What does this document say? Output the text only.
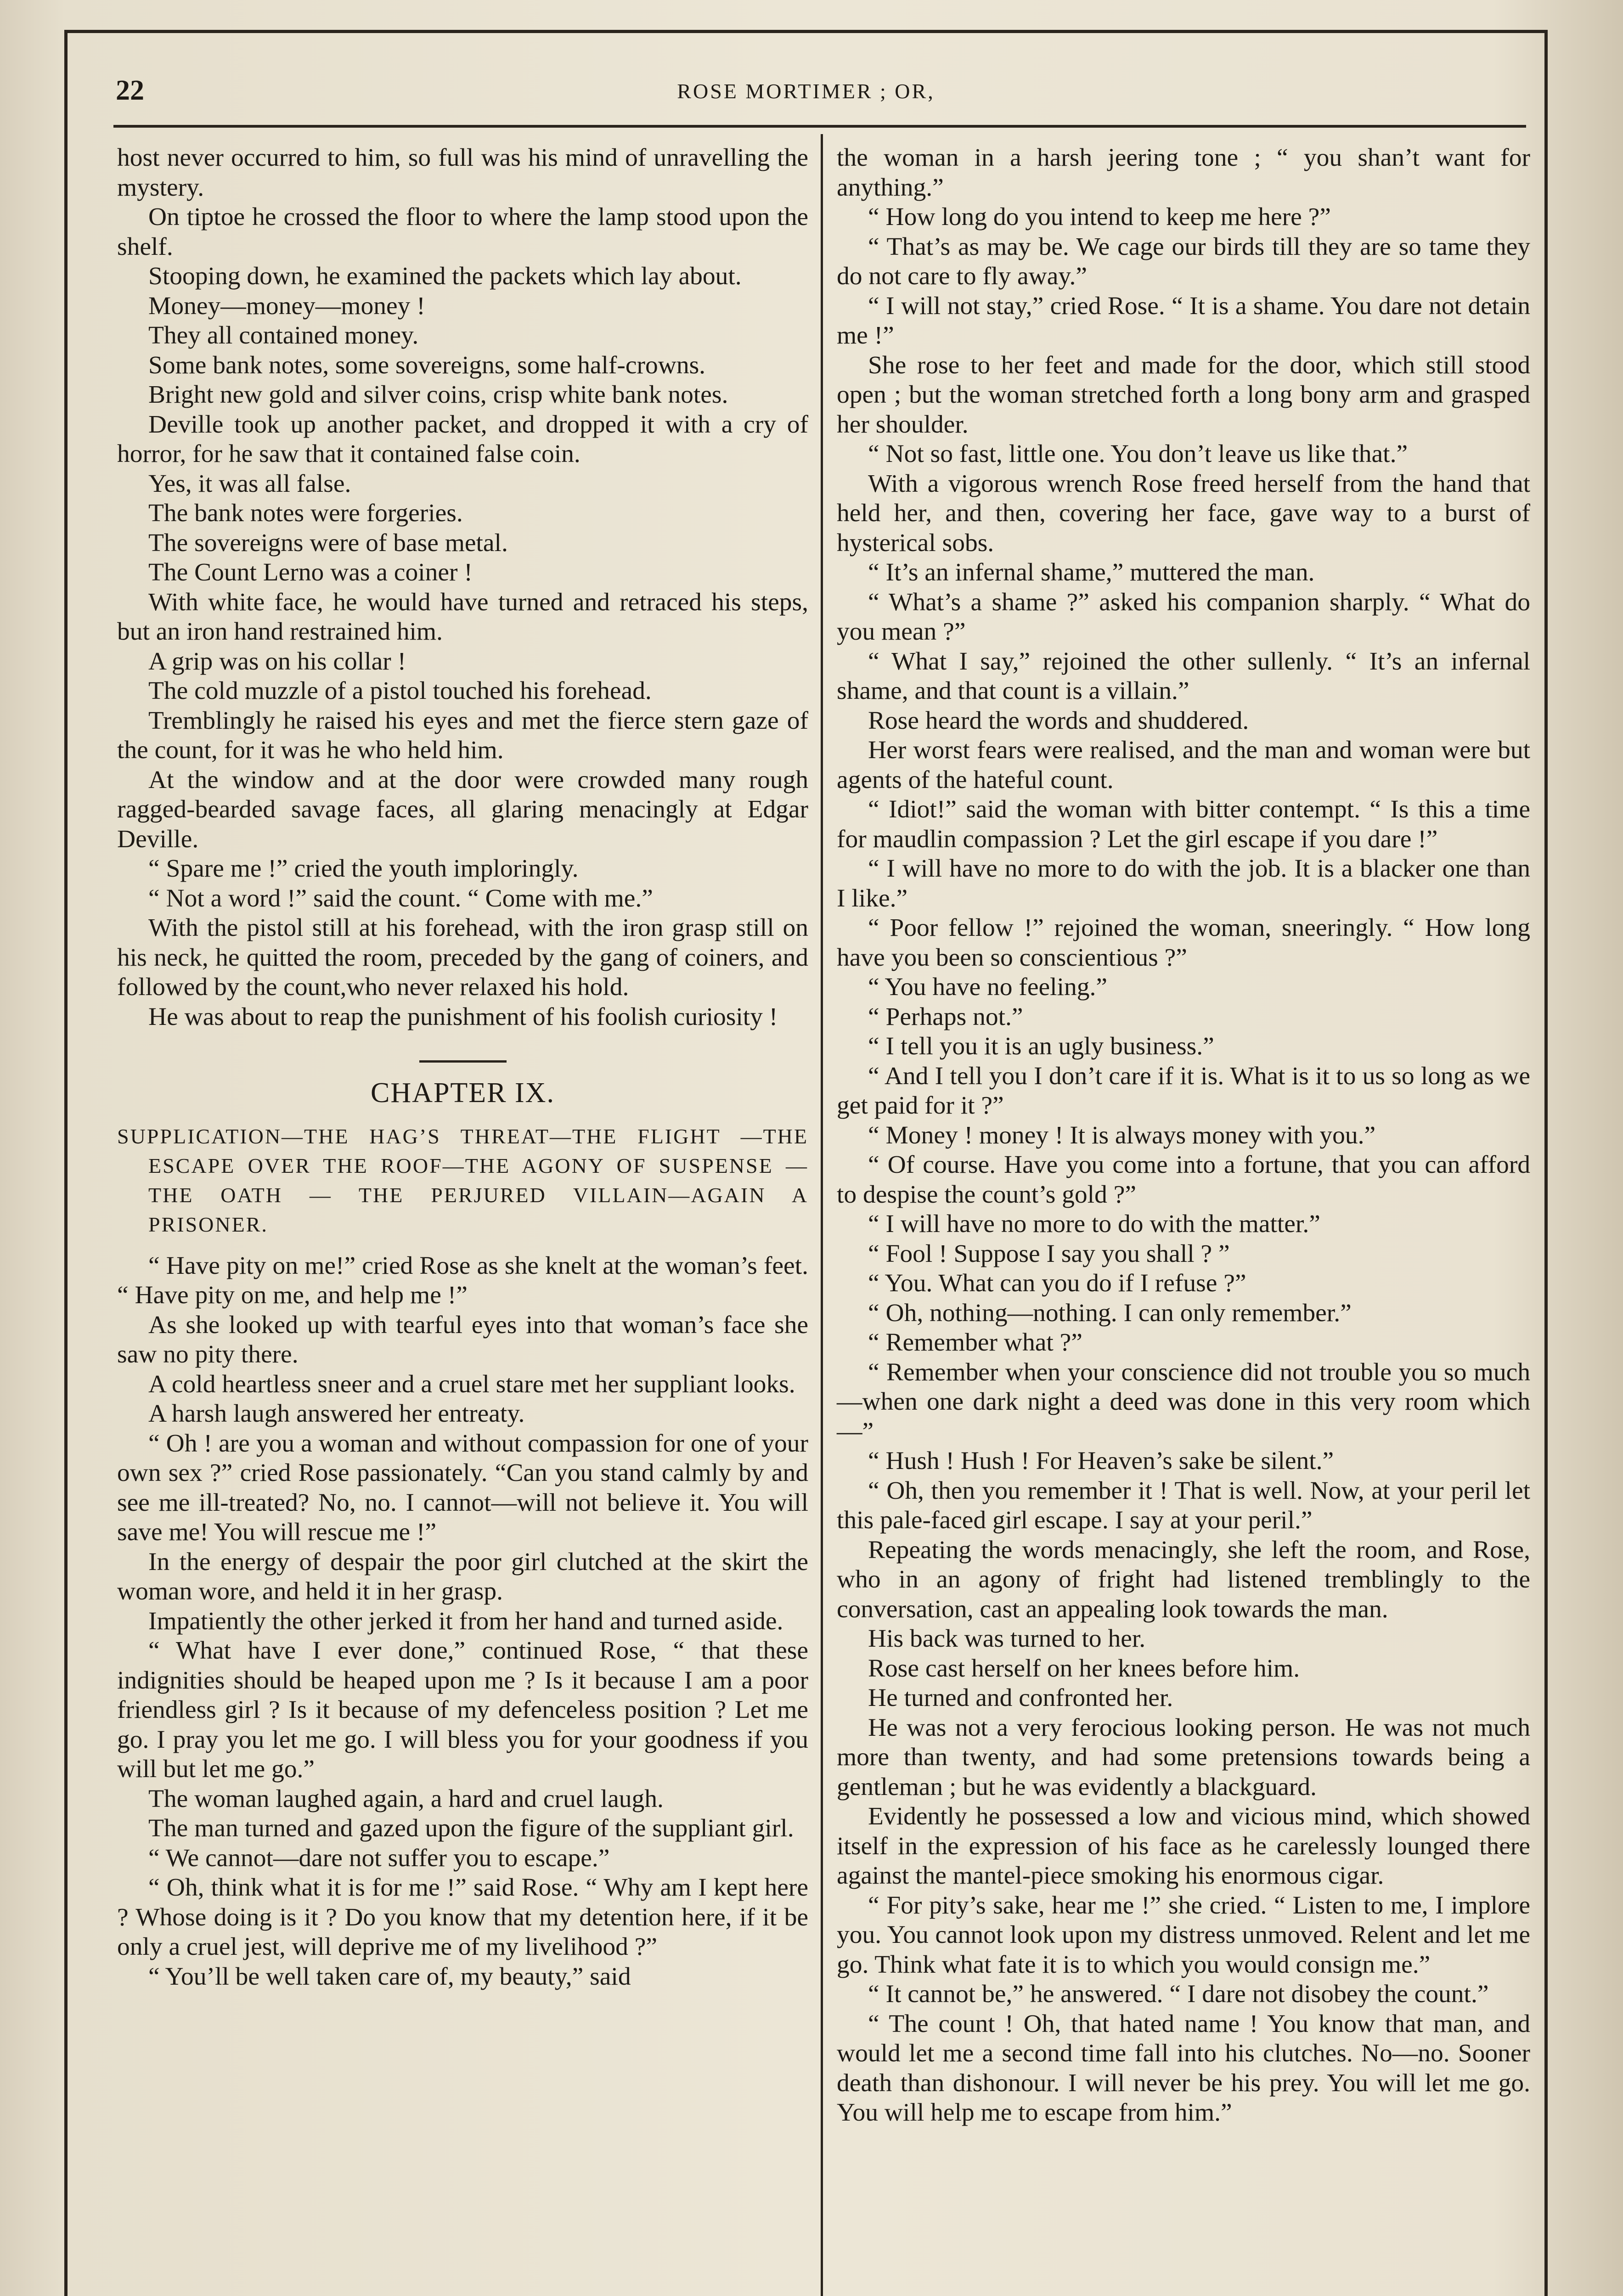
22	ROSE MORTIMER ; OR,

host never occurred to him, so full was his mind of unravelling the mystery.

On tiptoe he crossed the floor to where the lamp stood upon the shelf.

Stooping down, he examined the packets which lay about.

Money—money—money !

They all contained money.

Some bank notes, some sovereigns, some half-crowns.

Bright new gold and silver coins, crisp white bank notes.

Deville took up another packet, and dropped it with a cry of horror, for he saw that it contained false coin.

Yes, it was all false.

The bank notes were forgeries.

The sovereigns were of base metal.

The Count Lerno was a coiner !

With white face, he would have turned and retraced his steps, but an iron hand restrained him.

A grip was on his collar !

The cold muzzle of a pistol touched his forehead.

Tremblingly he raised his eyes and met the fierce stern gaze of the count, for it was he who held him.

At the window and at the door were crowded many rough ragged-bearded savage faces, all glaring menacingly at Edgar Deville.

“ Spare me !” cried the youth imploringly.

“ Not a word !” said the count. “ Come with me.”

With the pistol still at his forehead, with the iron grasp still on his neck, he quitted the room, preceded by the gang of coiners, and followed by the count,who never relaxed his hold.

He was about to reap the punishment of his foolish curiosity !

CHAPTER IX.
SUPPLICATION—THE HAG’S THREAT—THE FLIGHT —THE ESCAPE OVER THE ROOF—THE AGONY OF SUSPENSE — THE OATH — THE PERJURED VILLAIN—AGAIN A PRISONER.

“ Have pity on me!” cried Rose as she knelt at the woman’s feet. “ Have pity on me, and help me !”

As she looked up with tearful eyes into that woman’s face she saw no pity there.

A cold heartless sneer and a cruel stare met her suppliant looks.

A harsh laugh answered her entreaty.

“ Oh ! are you a woman and without compassion for one of your own sex ?” cried Rose passionately. “Can you stand calmly by and see me ill-treated? No, no. I cannot—will not believe it. You will save me! You will rescue me !”

In the energy of despair the poor girl clutched at the skirt the woman wore, and held it in her grasp.

Impatiently the other jerked it from her hand and turned aside.

“ What have I ever done,” continued Rose, “ that these indignities should be heaped upon me ? Is it because I am a poor friendless girl ? Is it because of my defenceless position ? Let me go. I pray you let me go. I will bless you for your goodness if you will but let me go.”

The woman laughed again, a hard and cruel laugh.

The man turned and gazed upon the figure of the suppliant girl.

“ We cannot—dare not suffer you to escape.”

“ Oh, think what it is for me !” said Rose. “ Why am I kept here ? Whose doing is it ? Do you know that my detention here, if it be only a cruel jest, will deprive me of my livelihood ?”

“ You’ll be well taken care of, my beauty,” said

the woman in a harsh jeering tone ; “ you shan’t want for anything.”

“ How long do you intend to keep me here ?”

“ That’s as may be. We cage our birds till they are so tame they do not care to fly away.”

“ I will not stay,” cried Rose. “ It is a shame. You dare not detain me !”

She rose to her feet and made for the door, which still stood open ; but the woman stretched forth a long bony arm and grasped her shoulder.

“ Not so fast, little one. You don’t leave us like that.”

With a vigorous wrench Rose freed herself from the hand that held her, and then, covering her face, gave way to a burst of hysterical sobs.

“ It’s an infernal shame,” muttered the man.

“ What’s a shame ?” asked his companion sharply. “ What do you mean ?”

“ What I say,” rejoined the other sullenly. “ It’s an infernal shame, and that count is a villain.”

Rose heard the words and shuddered.

Her worst fears were realised, and the man and woman were but agents of the hateful count.

“ Idiot!” said the woman with bitter contempt. “ Is this a time for maudlin compassion ? Let the girl escape if you dare !”

“ I will have no more to do with the job. It is a blacker one than I like.”

“ Poor fellow !” rejoined the woman, sneeringly. “ How long have you been so conscientious ?”

“ You have no feeling.”

“ Perhaps not.”

“ I tell you it is an ugly business.”

“ And I tell you I don’t care if it is. What is it to us so long as we get paid for it ?”

“ Money ! money ! It is always money with you.”

“ Of course. Have you come into a fortune, that you can afford to despise the count’s gold ?”

“ I will have no more to do with the matter.”

“ Fool ! Suppose I say you shall ? ”

“ You. What can you do if I refuse ?”

“ Oh, nothing—nothing. I can only remember.”

“ Remember what ?”

“ Remember when your conscience did not trouble you so much—when one dark night a deed was done in this very room which—”

“ Hush ! Hush ! For Heaven’s sake be silent.”

“ Oh, then you remember it ! That is well. Now, at your peril let this pale-faced girl escape. I say at your peril.”

Repeating the words menacingly, she left the room, and Rose, who in an agony of fright had listened tremblingly to the conversation, cast an appealing look towards the man.

His back was turned to her.

Rose cast herself on her knees before him.

He turned and confronted her.

He was not a very ferocious looking person. He was not much more than twenty, and had some pretensions towards being a gentleman ; but he was evidently a blackguard.

Evidently he possessed a low and vicious mind, which showed itself in the expression of his face as he carelessly lounged there against the mantel-piece smoking his enormous cigar.

“ For pity’s sake, hear me !” she cried. “ Listen to me, I implore you. You cannot look upon my distress unmoved. Relent and let me go. Think what fate it is to which you would consign me.”

“ It cannot be,” he answered. “ I dare not disobey the count.”

“ The count ! Oh, that hated name ! You know that man, and would let me a second time fall into his clutches. No—no. Sooner death than dishonour. I will never be his prey. You will let me go. You will help me to escape from him.”
